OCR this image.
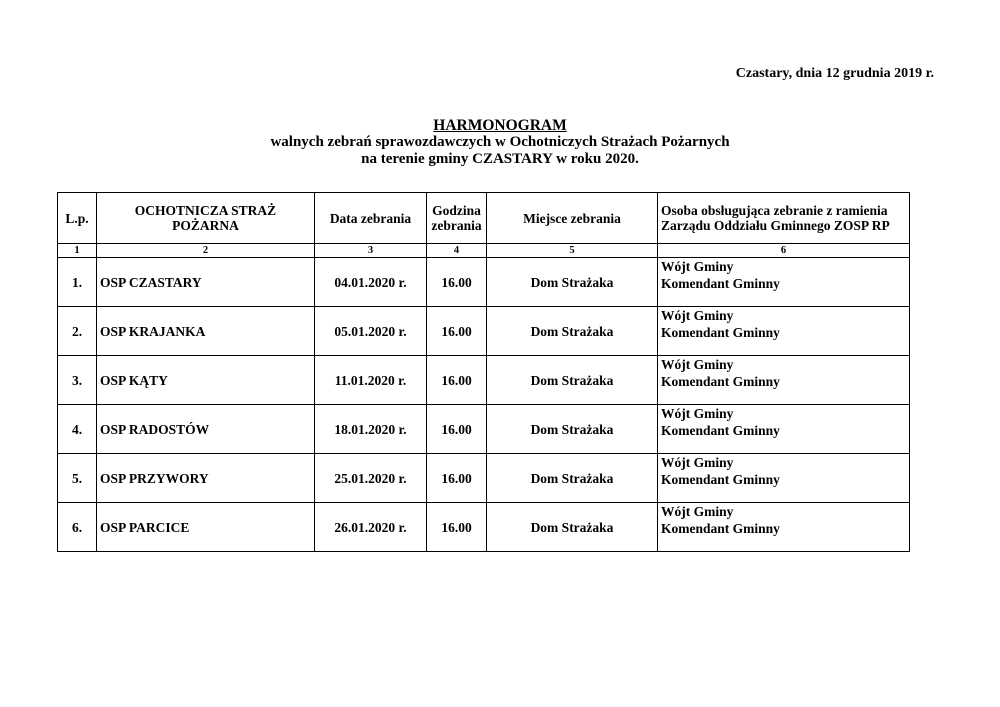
Czastary, dnia 12 grudnia 2019 r.
HARMONOGRAM
walnych zebrań sprawozdawczych w Ochotniczych Strażach Pożarnych
na terenie gminy CZASTARY w roku 2020.
L.p.	OCHOTNICZA STRAŻ POŻARNA	Data zebrania	Godzina zebrania	Miejsce zebrania	Osoba obsługująca zebranie z ramienia Zarządu Oddziału Gminnego ZOSP RP
1	2	3	4	5	6
1.	OSP CZASTARY	04.01.2020 r.	16.00	Dom Strażaka	Wójt Gminy
Komendant Gminny

2.	OSP KRAJANKA	05.01.2020 r.	16.00	Dom Strażaka	Wójt Gminy
Komendant Gminny

3.	OSP KĄTY	11.01.2020 r.	16.00	Dom Strażaka	Wójt Gminy
Komendant Gminny

4.	OSP RADOSTÓW	18.01.2020 r.	16.00	Dom Strażaka	Wójt Gminy
Komendant Gminny

5.	OSP PRZYWORY	25.01.2020 r.	16.00	Dom Strażaka	Wójt Gminy
Komendant Gminny

6.	OSP PARCICE	26.01.2020 r.	16.00	Dom Strażaka	Wójt Gminy
Komendant Gminny
